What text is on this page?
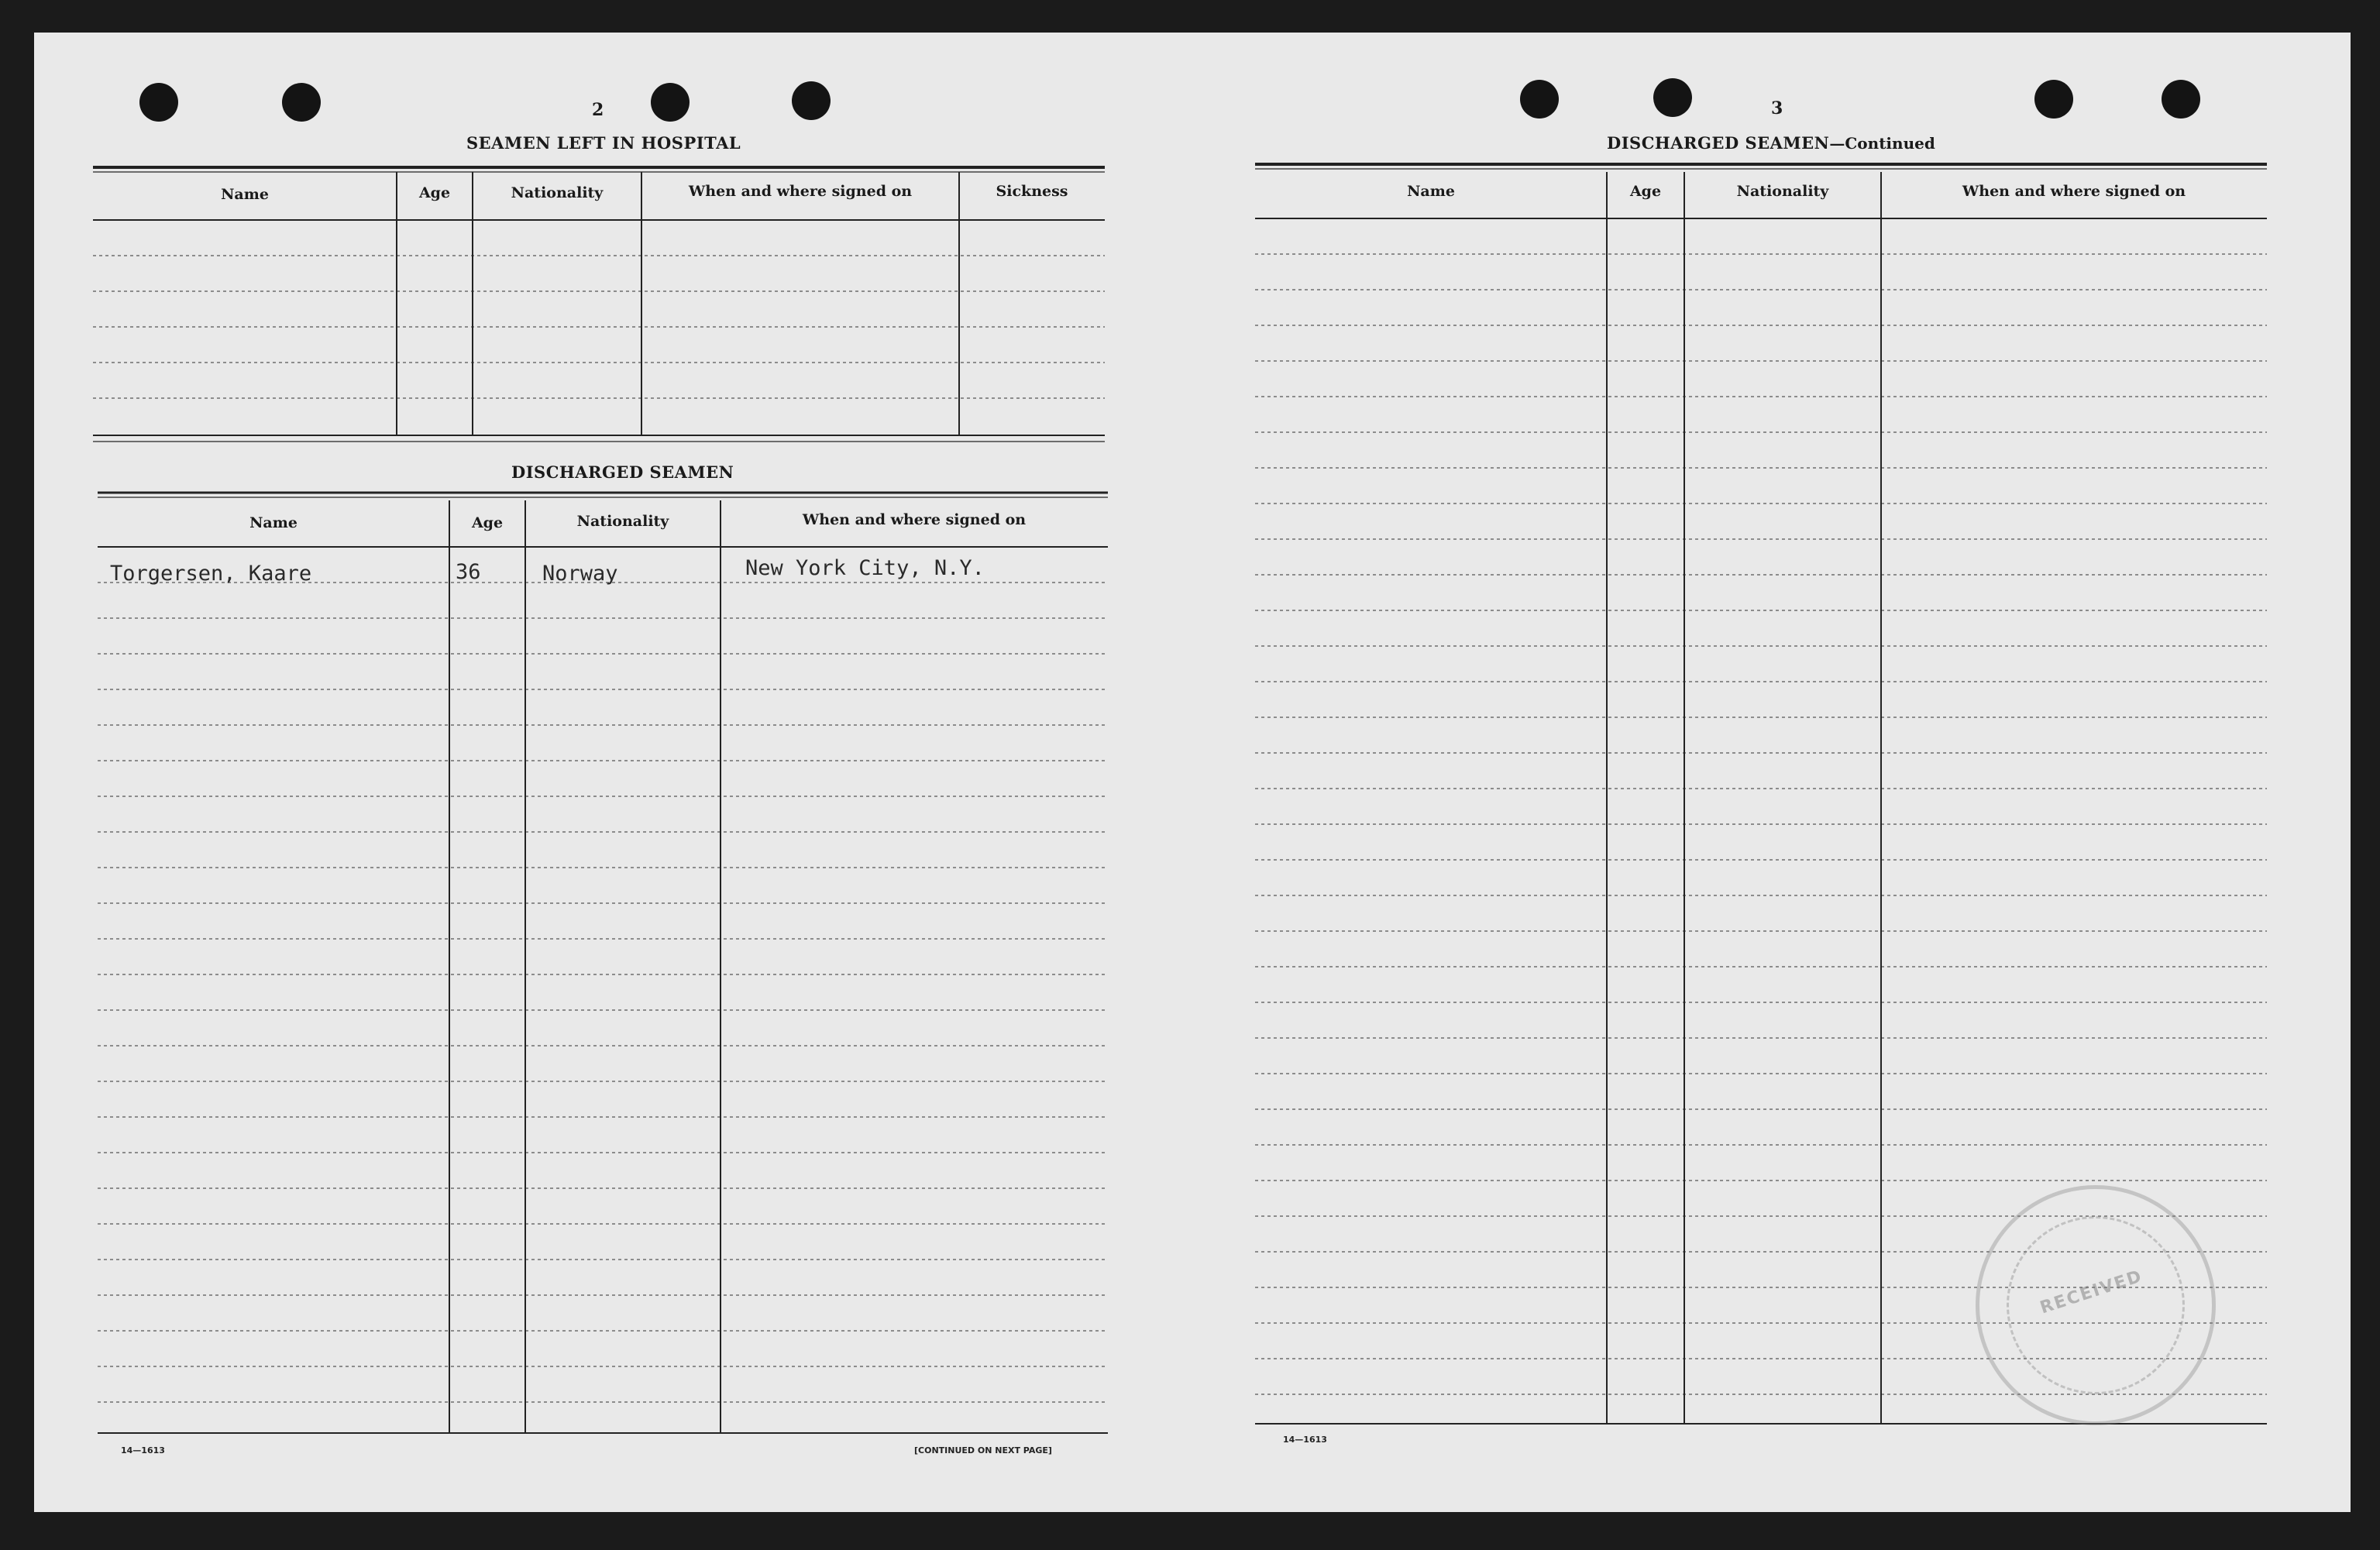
2
SEAMEN LEFT IN HOSPITAL
Name	Age	Nationality	When and where signed on	Sickness
DISCHARGED SEAMEN
Name	Age	Nationality	When and where signed on
Torgersen, Kaare	36	Norway	New York City, N.Y.
14—1613	[CONTINUED ON NEXT PAGE]
3
DISCHARGED SEAMEN—Continued
Name	Age	Nationality	When and where signed on
14—1613
RECEIVED
